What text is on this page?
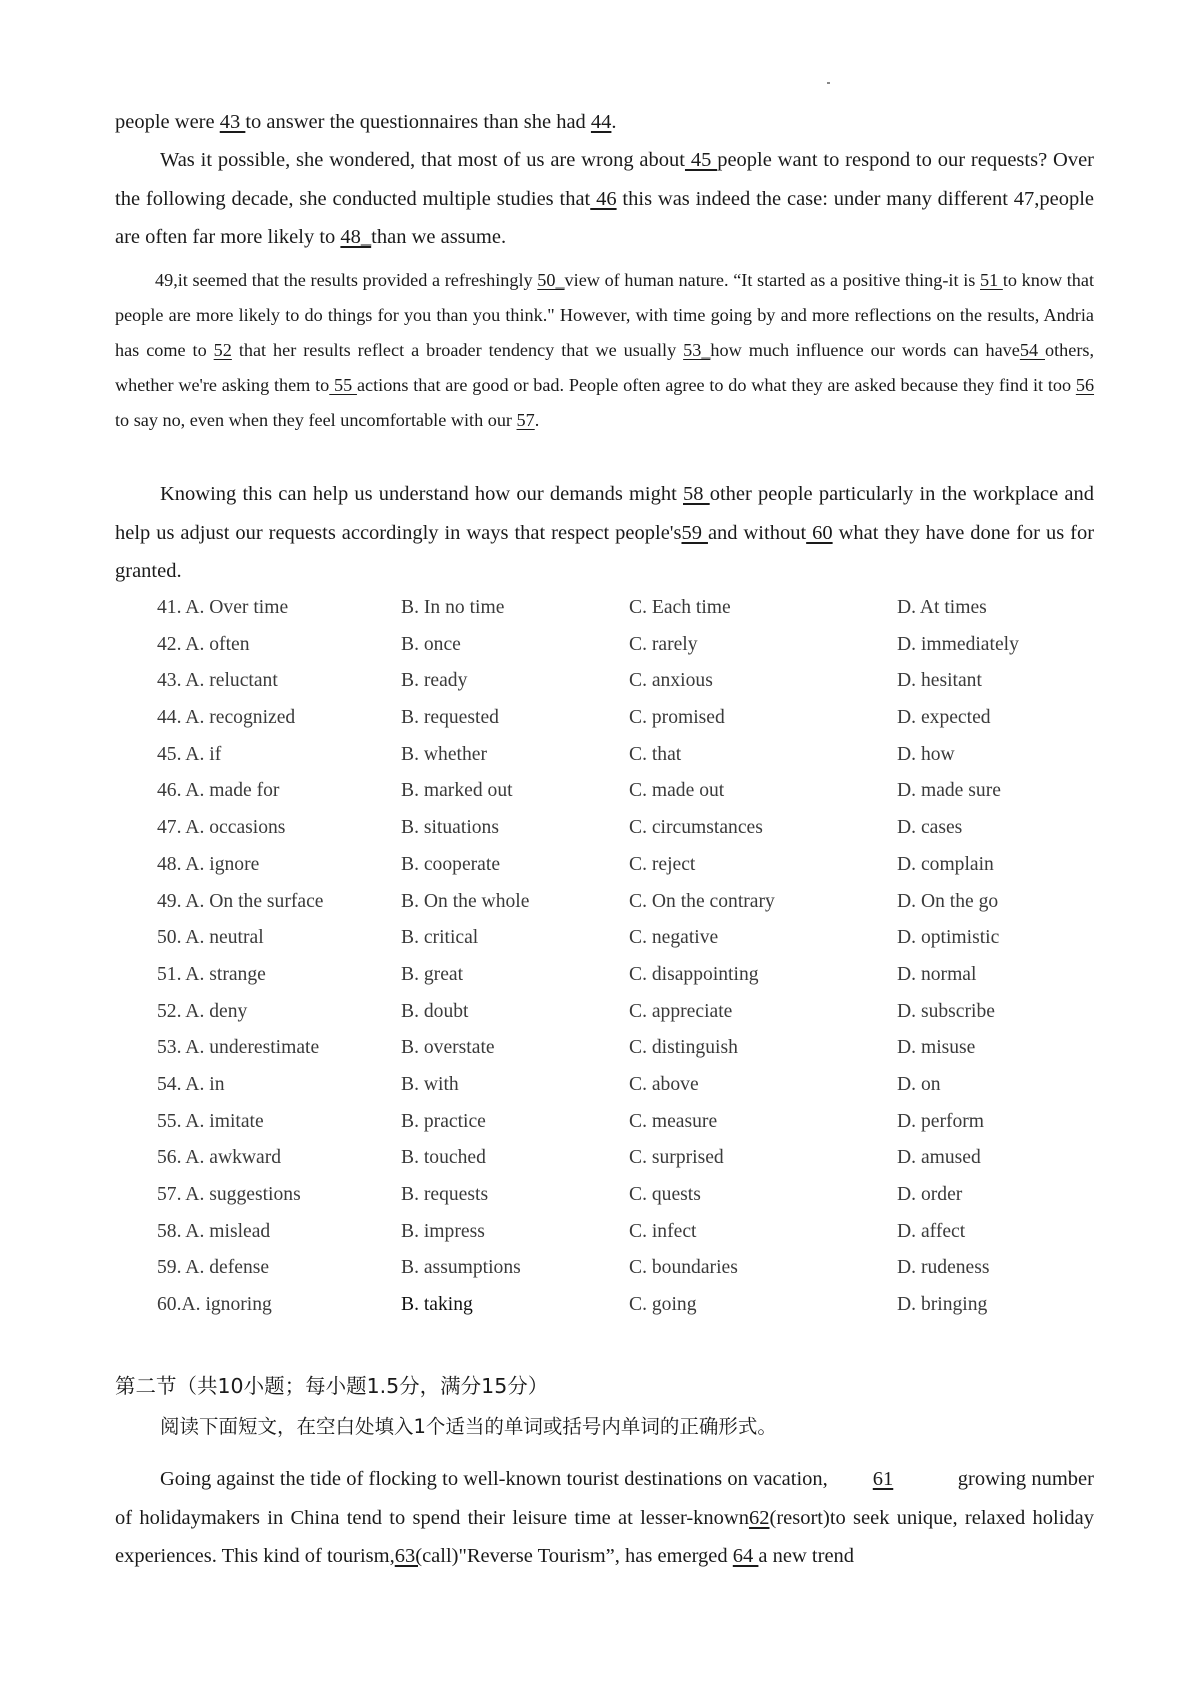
people were 43 to answer the questionnaires than she had 44.

Was it possible, she wondered, that most of us are wrong about 45 people want to respond to our requests? Over the following decade, she conducted multiple studies that 46 this was indeed the case: under many different 47,people are often far more likely to 48_than we assume.

49,it seemed that the results provided a refreshingly 50_view of human nature. “It started as a positive thing-it is 51 to know that people are more likely to do things for you than you think." However, with time going by and more reflections on the results, Andria has come to 52 that her results reflect a broader tendency that we usually 53_how much influence our words can have54 others, whether we're asking them to 55 actions that are good or bad. People often agree to do what they are asked because they find it too 56 to say no, even when they feel uncomfortable with our 57.

Knowing this can help us understand how our demands might 58 other people particularly in the workplace and help us adjust our requests accordingly in ways that respect people's59 and without 60 what they have done for us for granted.

41. A. Over time	B. In no time	C. Each time	D. At times
42. A. often	B. once	C. rarely	D. immediately
43. A. reluctant	B. ready	C. anxious	D. hesitant
44. A. recognized	B. requested	C. promised	D. expected
45. A. if	B. whether	C. that	D. how
46. A. made for	B. marked out	C. made out	D. made sure
47. A. occasions	B. situations	C. circumstances	D. cases
48. A. ignore	B. cooperate	C. reject	D. complain
49. A. On the surface	B. On the whole	C. On the contrary	D. On the go
50. A. neutral	B. critical	C. negative	D. optimistic
51. A. strange	B. great	C. disappointing	D. normal
52. A. deny	B. doubt	C. appreciate	D. subscribe
53. A. underestimate	B. overstate	C. distinguish	D. misuse
54. A. in	B. with	C. above	D. on
55. A. imitate	B. practice	C. measure	D. perform
56. A. awkward	B. touched	C. surprised	D. amused
57. A. suggestions	B. requests	C. quests	D. order
58. A. mislead	B. impress	C. infect	D. affect
59. A. defense	B. assumptions	C. boundaries	D. rudeness
60.A. ignoring	B. taking	C. going	D. bringing
第二节（共10小题；每小题1.5分，满分15分）
阅读下面短文，在空白处填入1个适当的单词或括号内单词的正确形式。

Going against the tide of flocking to well-known tourist destinations on vacation, 61	growing number of holidaymakers in China tend to spend their leisure time at lesser-known62(resort)to seek unique, relaxed holiday experiences. This kind of tourism,63(call)"Reverse Tourism”, has emerged 64 a new trend
